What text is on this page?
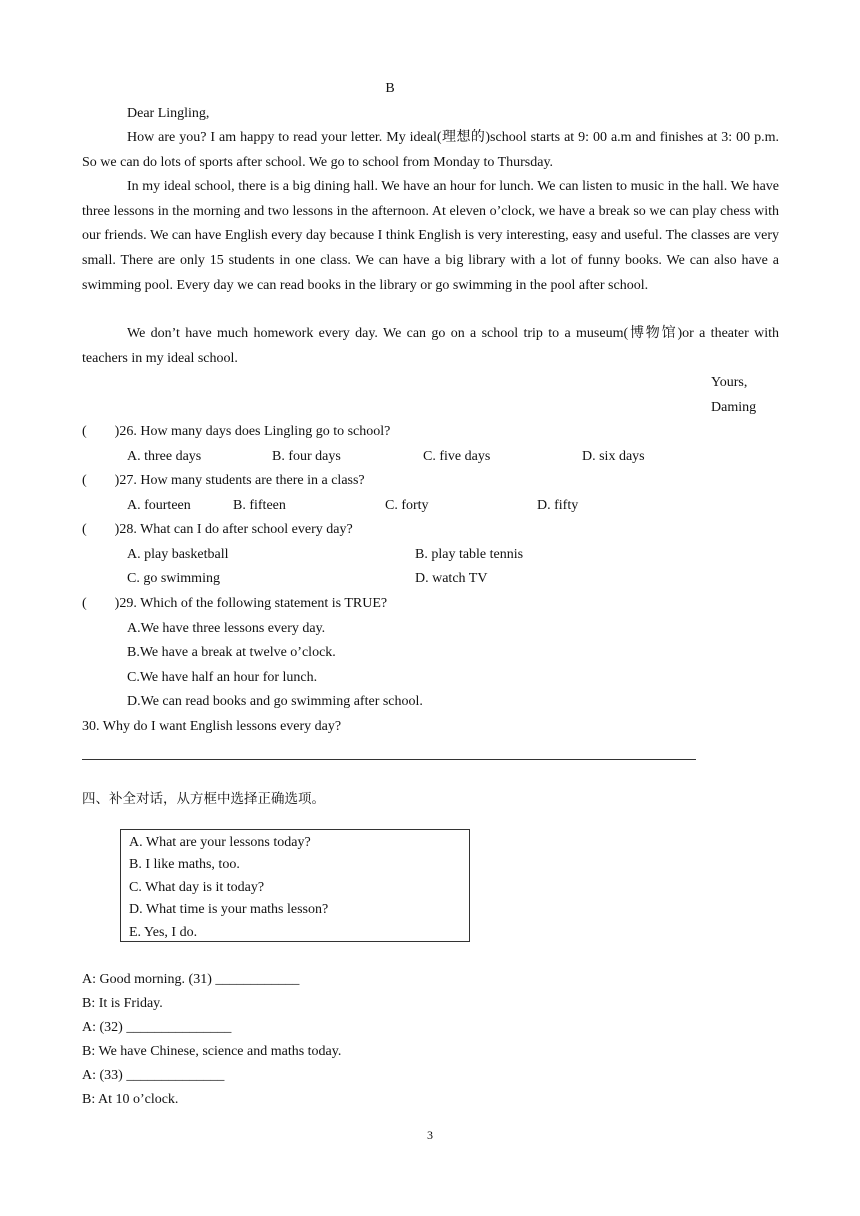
B
Dear Lingling,
How are you? I am happy to read your letter. My ideal(理想的)school starts at 9: 00 a.m and finishes at 3: 00 p.m. So we can do lots of sports after school. We go to school from Monday to Thursday.
In my ideal school, there is a big dining hall. We have an hour for lunch. We can listen to music in the hall. We have three lessons in the morning and two lessons in the afternoon. At eleven o’clock, we have a break so we can play chess with our friends. We can have English every day because I think English is very interesting, easy and useful. The classes are very small. There are only 15 students in one class. We can have a big library with a lot of funny books. We can also have a swimming pool. Every day we can read books in the library or go swimming in the pool after school.
We don’t have much homework every day. We can go on a school trip to a museum(博物馆)or a theater with teachers in my ideal school.
Yours,
Daming
(        )26. How many days does Lingling go to school?
A. three days	B. four days	C. five days	D. six days
(        )27. How many students are there in a class?
A. fourteen	B. fifteen	C. forty	D. fifty
(        )28. What can I do after school every day?
A. play basketball	B. play table tennis
C. go swimming	D. watch TV
(        )29. Which of the following statement is TRUE?
A.We have three lessons every day.
B.We have a break at twelve o’clock.
C.We have half an hour for lunch.
D.We can read books and go swimming after school.
30. Why do I want English lessons every day?
四、补全对话，从方框中选择正确选项。
A. What are your lessons today?
B. I like maths, too.
C. What day is it today?
D. What time is your maths lesson?
E. Yes, I do.
A: Good morning. (31) ____________
B: It is Friday.
A: (32) _______________
B: We have Chinese, science and maths today.
A: (33) ______________
B: At 10 o’clock.
3
